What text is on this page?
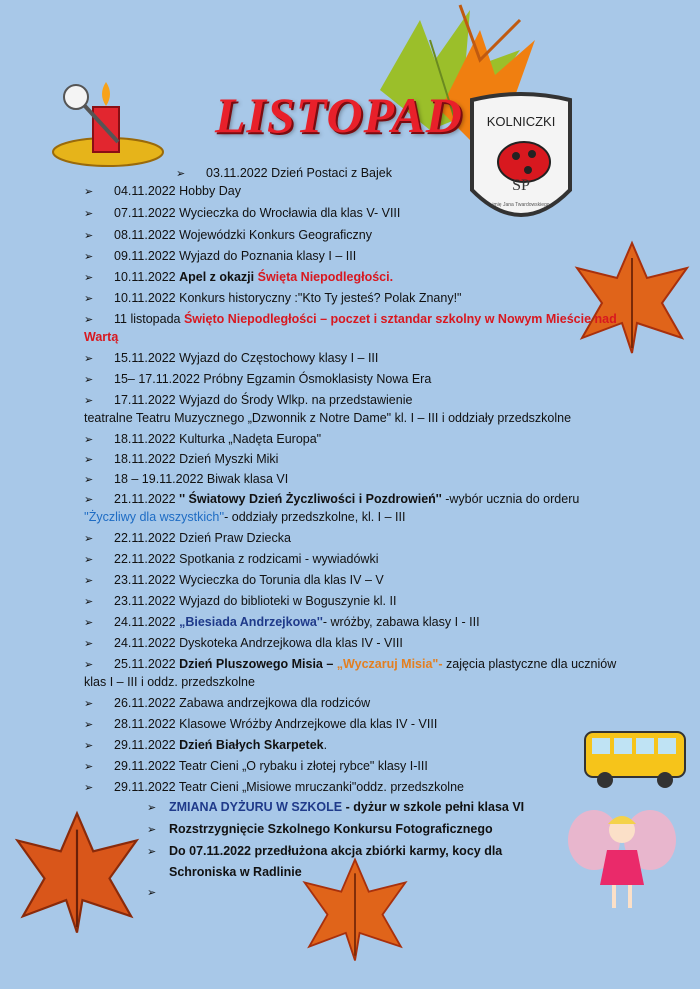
KOLNICZKI
SP
imię Jana Twardowskiego
LISTOPAD
➢ 03.11.2022 Dzień Postaci z Bajek
➢ 04.11.2022 Hobby Day
➢ 07.11.2022 Wycieczka do Wrocławia dla klas V- VIII
➢ 08.11.2022 Wojewódzki Konkurs Geograficzny
➢ 09.11.2022 Wyjazd do Poznania klasy I – III
➢ 10.11.2022 Apel z okazji Święta Niepodległości.
➢ 10.11.2022 Konkurs historyczny :"Kto Ty jesteś? Polak Znany!"
➢ 11 listopada Święto Niepodległości – poczet i sztandar szkolny w Nowym Mieście nad
Wartą
➢ 15.11.2022 Wyjazd do Częstochowy klasy I – III
➢ 15– 17.11.2022 Próbny Egzamin Ósmoklasisty Nowa Era
➢ 17.11.2022 Wyjazd do Środy Wlkp. na przedstawienie
teatralne Teatru Muzycznego „Dzwonnik z Notre Dame" kl. I – III i oddziały przedszkolne
➢ 18.11.2022 Kulturka „Nadęta Europa"
➢ 18.11.2022 Dzień Myszki Miki
➢ 18 – 19.11.2022 Biwak klasa VI
➢ 21.11.2022 '' Światowy Dzień Życzliwości i Pozdrowień'' -wybór ucznia do orderu
''Życzliwy dla wszystkich''- oddziały przedszkolne, kl. I – III
➢ 22.11.2022 Dzień Praw Dziecka
➢ 22.11.2022 Spotkania z rodzicami - wywiadówki
➢ 23.11.2022 Wycieczka do Torunia dla klas IV – V
➢ 23.11.2022 Wyjazd do biblioteki w Boguszynie kl. II
➢ 24.11.2022 „Biesiada Andrzejkowa''- wróżby, zabawa klasy I - III
➢ 24.11.2022 Dyskoteka Andrzejkowa dla klas IV - VIII
➢ 25.11.2022 Dzień Pluszowego Misia – „Wyczaruj Misia"- zajęcia plastyczne dla uczniów
klas I – III i oddz. przedszkolne
➢ 26.11.2022 Zabawa andrzejkowa dla rodziców
➢ 28.11.2022 Klasowe Wróżby Andrzejkowe dla klas IV - VIII
➢ 29.11.2022 Dzień Białych Skarpetek.
➢ 29.11.2022 Teatr Cieni „O rybaku i złotej rybce" klasy I-III
➢ 29.11.2022 Teatr Cieni „Misiowe mruczanki"oddz. przedszkolne
➢ ZMIANA DYŻURU W SZKOLE - dyżur w szkole pełni klasa VI
➢ Rozstrzygnięcie Szkolnego Konkursu Fotograficznego
➢ Do 07.11.2022 przedłużona akcja zbiórki karmy, kocy dla
Schroniska w Radlinie
➢
